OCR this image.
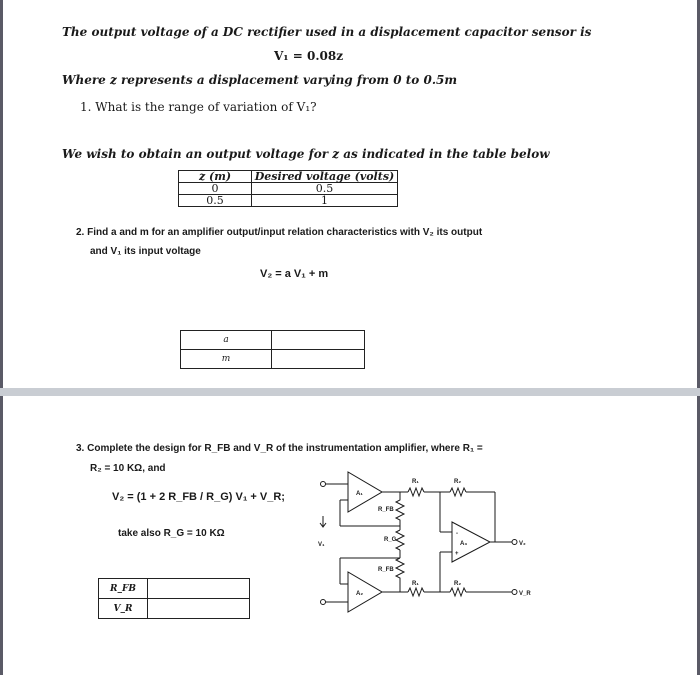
The output voltage of a DC rectifier used in a displacement capacitor sensor is
V₁ = 0.08z
Where z represents a displacement varying from 0 to 0.5m
1. What is the range of variation of V₁?
We wish to obtain an output voltage for z as indicated in the table below
z (m)	Desired voltage (volts)
0	0.5
0.5	1
2. Find a and m for an amplifier output/input relation characteristics with V₂ its output
and V₁ its input voltage
V₂ = a V₁ + m
a	
m	
3. Complete the design for R_FB and V_R of the instrumentation amplifier, where R₁ =
R₂ = 10 KΩ, and
V₂ = (1 + 2 R_FB / R_G) V₁ + V_R;
take also R_G = 10 KΩ
R_FB	
V_R	
A₁
A₂
A₃
R_FB
R_G
R_FB
R₁	R₂
R₁	R₂
V₁	V₂
V_R
-
+
